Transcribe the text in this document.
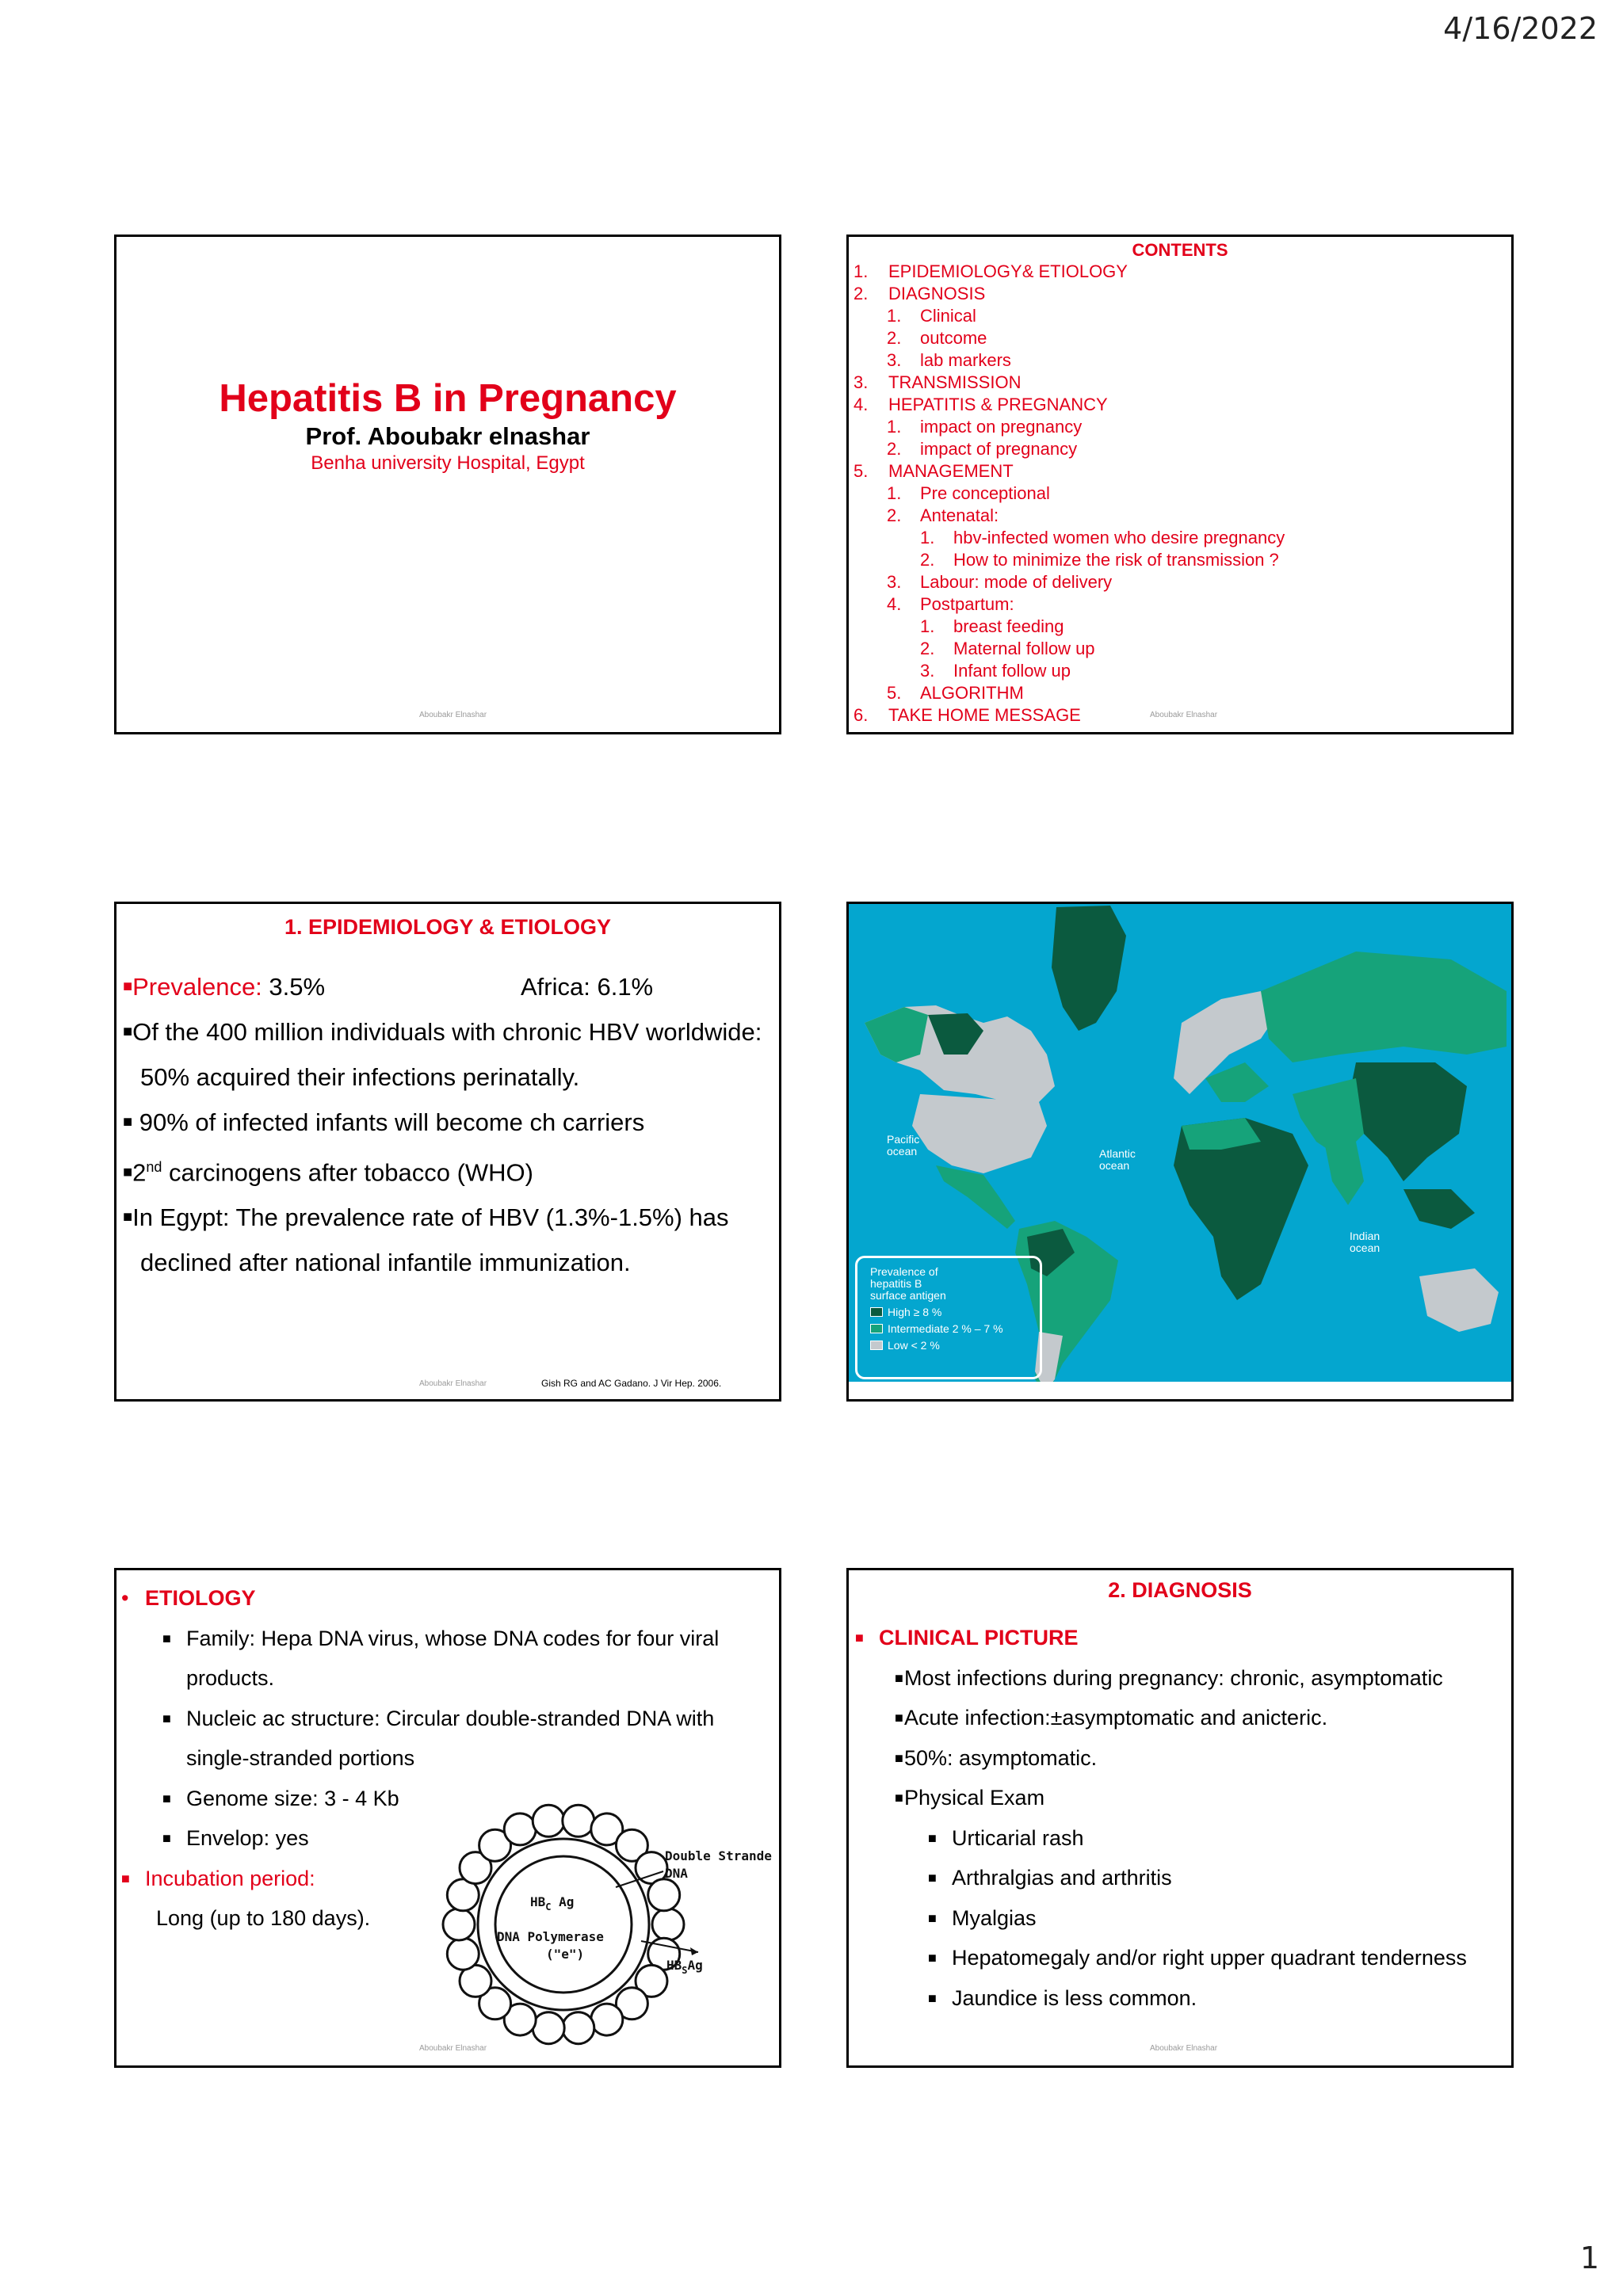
4/16/2022
Hepatitis B in Pregnancy
Prof. Aboubakr elnashar
Benha university Hospital, Egypt
Aboubakr Elnashar
CONTENTS
1. EPIDEMIOLOGY& ETIOLOGY
2. DIAGNOSIS
1. Clinical
2. outcome
3. lab markers
3. TRANSMISSION
4. HEPATITIS & PREGNANCY
1. impact on pregnancy
2. impact of pregnancy
5. MANAGEMENT
1. Pre conceptional
2. Antenatal:
1. hbv-infected women who desire pregnancy
2. How to minimize the risk of transmission ?
3. Labour: mode of delivery
4. Postpartum:
1. breast feeding
2. Maternal follow up
3. Infant follow up
5. ALGORITHM
6. TAKE HOME MESSAGE	Aboubakr Elnashar
1. EPIDEMIOLOGY & ETIOLOGY
■Prevalence: 3.5%	Africa: 6.1%
■Of the 400 million individuals with chronic HBV worldwide:
50% acquired their infections perinatally.
■ 90% of infected infants will become ch carriers
■2nd carcinogens after tobacco (WHO)
■In Egypt: The prevalence rate of HBV (1.3%-1.5%) has
declined after national infantile immunization.
Aboubakr Elnashar	Gish RG and AC Gadano. J Vir Hep. 2006.
Pacific
ocean	Atlantic
ocean
Indian
ocean
Prevalence of
hepatitis B
surface antigen
High ≥ 8 %
Intermediate 2 % – 7 %
Low < 2 %
• ETIOLOGY
■ Family: Hepa DNA virus, whose DNA codes for four viral
products.
■ Nucleic ac structure: Circular double-stranded DNA with
single-stranded portions
■ Genome size: 3 - 4 Kb
■ Envelop: yes
■ Incubation period:
Long (up to 180 days).
$HB_C$ Ag
DNA Polymerase
("e")
Double Strande
DNA
$HB_SAg$
Aboubakr Elnashar
2. DIAGNOSIS
■ CLINICAL PICTURE
■Most infections during pregnancy: chronic, asymptomatic
■Acute infection:±asymptomatic and anicteric.
■50%: asymptomatic.
■Physical Exam
■ Urticarial rash
■ Arthralgias and arthritis
■ Myalgias
■ Hepatomegaly and/or right upper quadrant tenderness
■ Jaundice is less common.
Aboubakr Elnashar
1
